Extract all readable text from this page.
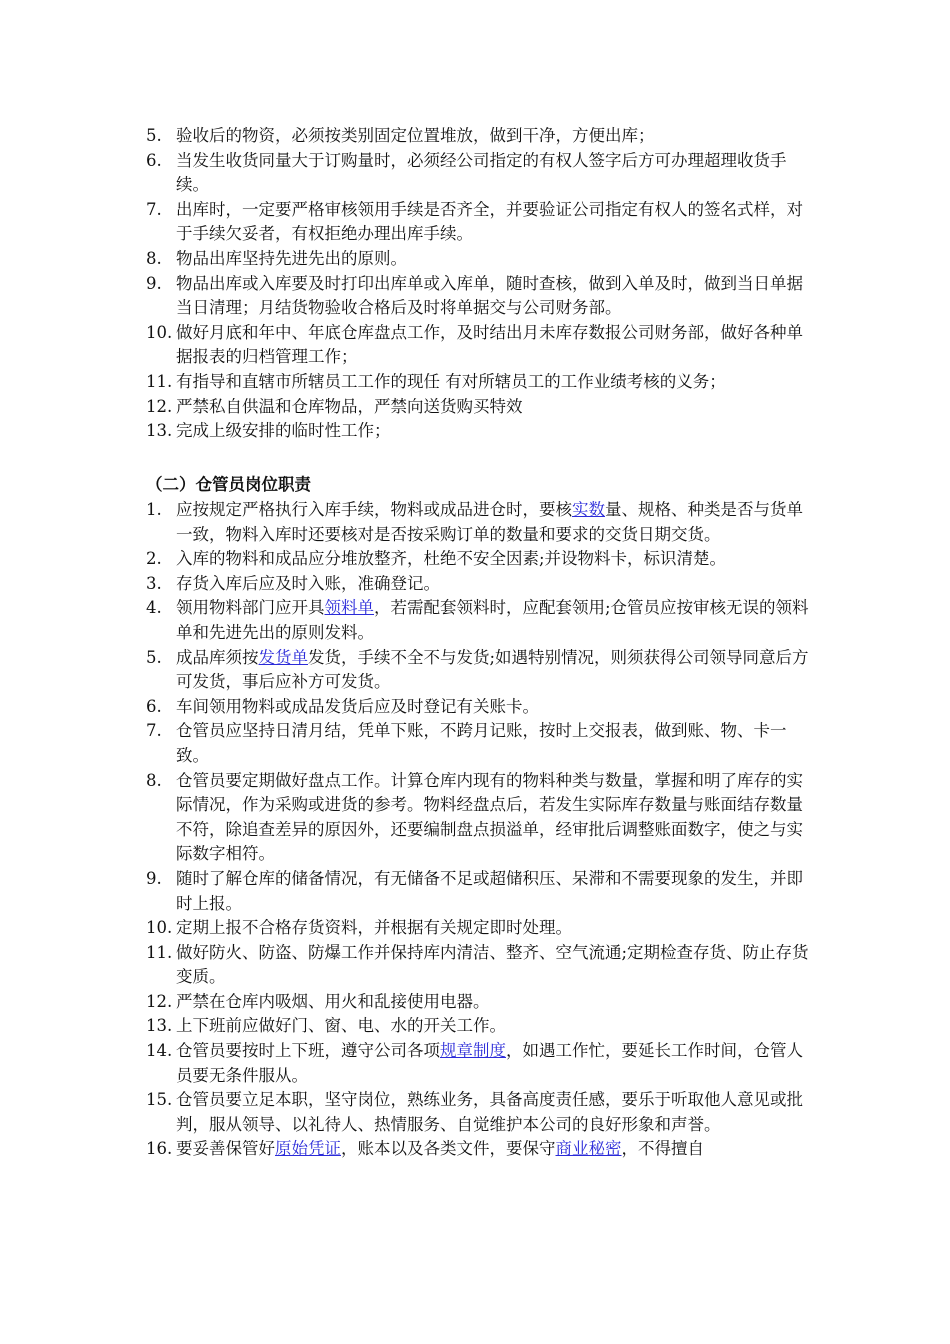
5. 验收后的物资，必须按类别固定位置堆放，做到干净，方便出库；
6. 当发生收货同量大于订购量时，必须经公司指定的有权人签字后方可办理超理收货手续。
7. 出库时，一定要严格审核领用手续是否齐全，并要验证公司指定有权人的签名式样，对于手续欠妥者，有权拒绝办理出库手续。
8. 物品出库坚持先进先出的原则。
9. 物品出库或入库要及时打印出库单或入库单，随时查核，做到入单及时，做到当日单据当日清理；月结货物验收合格后及时将单据交与公司财务部。
10. 做好月底和年中、年底仓库盘点工作，及时结出月未库存数报公司财务部，做好各种单据报表的归档管理工作；
11. 有指导和直辖市所辖员工工作的现任 有对所辖员工的工作业绩考核的义务；
12. 严禁私自供温和仓库物品，严禁向送货购买特效
13. 完成上级安排的临时性工作；
（二）仓管员岗位职责
1. 应按规定严格执行入库手续，物料或成品进仓时，要核实数量、规格、种类是否与货单一致，物料入库时还要核对是否按采购订单的数量和要求的交货日期交货。
2. 入库的物料和成品应分堆放整齐，杜绝不安全因素;并设物料卡，标识清楚。
3. 存货入库后应及时入账，准确登记。
4. 领用物料部门应开具领料单，若需配套领料时，应配套领用;仓管员应按审核无误的领料单和先进先出的原则发料。
5. 成品库须按发货单发货，手续不全不与发货;如遇特别情况，则须获得公司领导同意后方可发货，事后应补方可发货。
6. 车间领用物料或成品发货后应及时登记有关账卡。
7. 仓管员应坚持日清月结，凭单下账，不跨月记账，按时上交报表，做到账、物、卡一致。
8. 仓管员要定期做好盘点工作。计算仓库内现有的物料种类与数量，掌握和明了库存的实际情况，作为采购或进货的参考。物料经盘点后，若发生实际库存数量与账面结存数量不符，除追查差异的原因外，还要编制盘点损溢单，经审批后调整账面数字，使之与实际数字相符。
9. 随时了解仓库的储备情况，有无储备不足或超储积压、呆滞和不需要现象的发生，并即时上报。
10. 定期上报不合格存货资料，并根据有关规定即时处理。
11. 做好防火、防盗、防爆工作并保持库内清洁、整齐、空气流通;定期检查存货、防止存货变质。
12. 严禁在仓库内吸烟、用火和乱接使用电器。
13. 上下班前应做好门、窗、电、水的开关工作。
14. 仓管员要按时上下班，遵守公司各项规章制度，如遇工作忙，要延长工作时间，仓管人员要无条件服从。
15. 仓管员要立足本职，坚守岗位，熟练业务，具备高度责任感，要乐于听取他人意见或批判，服从领导、以礼待人、热情服务、自觉维护本公司的良好形象和声誉。
16. 要妥善保管好原始凭证，账本以及各类文件，要保守商业秘密，不得擅自
